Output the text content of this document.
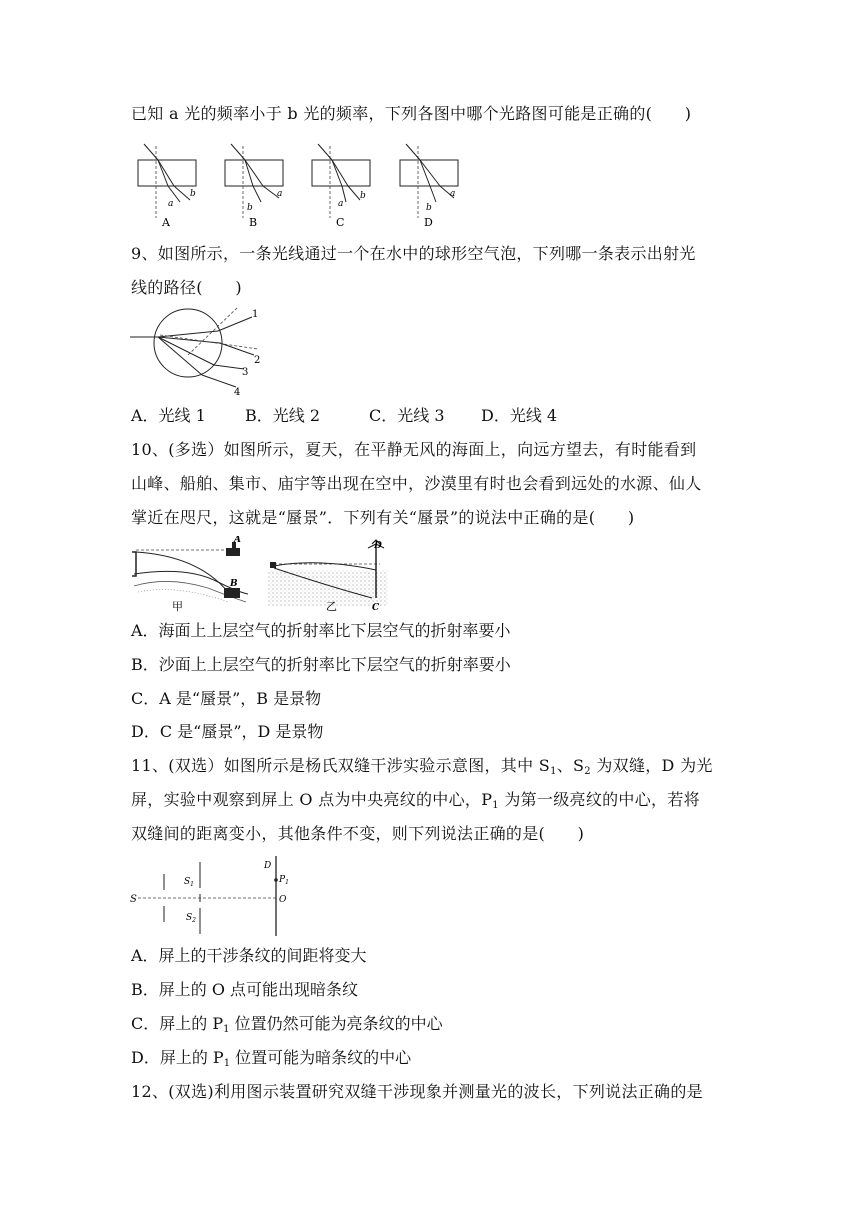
已知 a 光的频率小于 b 光的频率，下列各图中哪个光路图可能是正确的(　　)
a
b
A
b
a
B
a
b
C
b
a
D
9、如图所示，一条光线通过一个在水中的球形空气泡，下列哪一条表示出射光
线的路径(　　)
1
2
3
4
A．光线 1 B．光线 2	C．光线 3 D．光线 4
10、(多选）如图所示，夏天，在平静无风的海面上，向远方望去，有时能看到
山峰、船舶、集市、庙宇等出现在空中，沙漠里有时也会看到远处的水源、仙人
掌近在咫尺，这就是“蜃景”．下列有关“蜃景”的说法中正确的是(　　)
A
B
甲
D
C
乙
A．海面上上层空气的折射率比下层空气的折射率要小
B．沙面上上层空气的折射率比下层空气的折射率要小
C．A 是“蜃景”，B 是景物
D．C 是“蜃景”，D 是景物
11、(双选）如图所示是杨氏双缝干涉实验示意图，其中 $S_1$、$S_2$ 为双缝，D 为光
屏，实验中观察到屏上 O 点为中央亮纹的中心，$P_1$ 为第一级亮纹的中心，若将
双缝间的距离变小，其他条件不变，则下列说法正确的是(　　)
S
$S_1$
$S_2$
D
$P_1$
O
A．屏上的干涉条纹的间距将变大
B．屏上的 O 点可能出现暗条纹
C．屏上的 $P_1$ 位置仍然可能为亮条纹的中心
D．屏上的 $P_1$ 位置可能为暗条纹的中心
12、(双选)利用图示装置研究双缝干涉现象并测量光的波长，下列说法正确的是
